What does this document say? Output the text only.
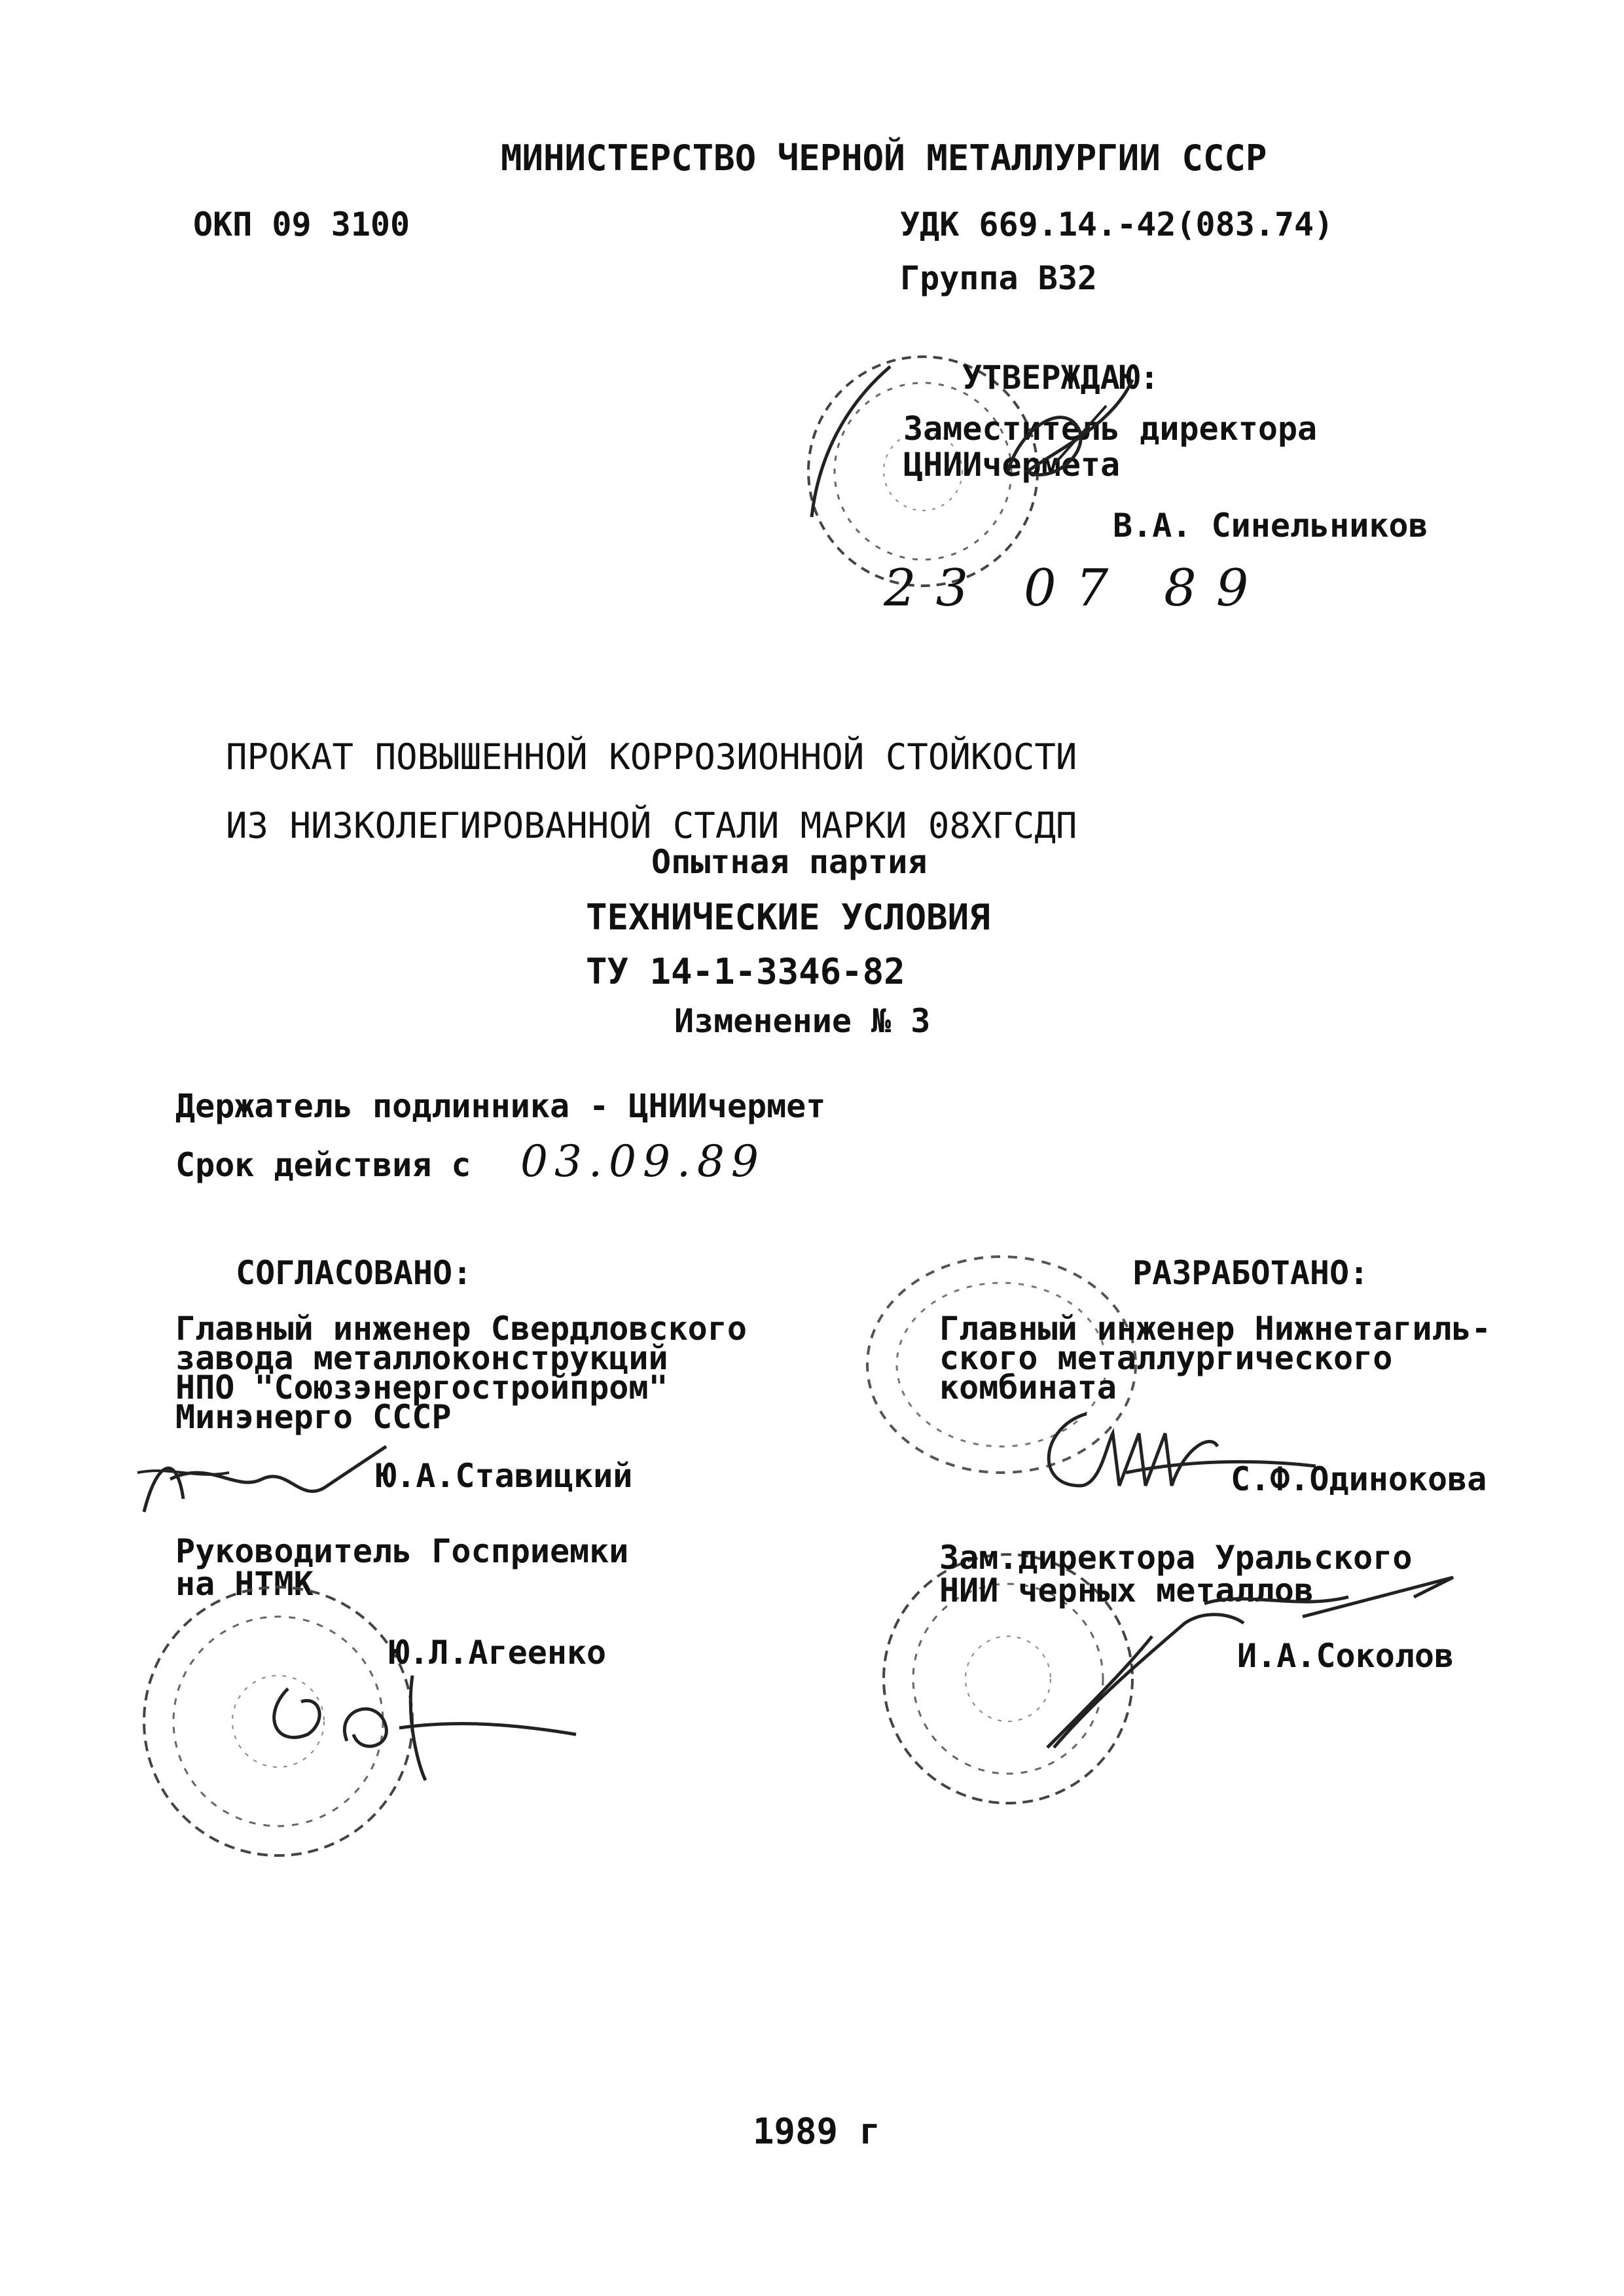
МИНИСТЕРСТВО ЧЕРНОЙ МЕТАЛЛУРГИИ СССР
ОКП 09 3100	УДК 669.14.-42(083.74)
Группа В32
УТВЕРЖДАЮ:
Заместитель директора
ЦНИИчермета
В.А. Синельников
23 07 89
ПРОКАТ ПОВЫШЕННОЙ КОРРОЗИОННОЙ СТОЙКОСТИ
ИЗ НИЗКОЛЕГИРОВАННОЙ СТАЛИ МАРКИ 08ХГСДП
Опытная партия
ТЕХНИЧЕСКИЕ УСЛОВИЯ
ТУ 14-1-3346-82
Изменение № 3
Держатель подлинника - ЦНИИчермет
Срок действия с 03.09.89
СОГЛАСОВАНО:
Главный инженер Свердловского
завода металлоконструкций
НПО "Союзэнергостройпром"
Минэнерго СССР
Ю.А.Ставицкий
Руководитель Госприемки
на НТМК
Ю.Л.Агеенко
РАЗРАБОТАНО:
Главный инженер Нижнетагиль-
ского металлургического
комбината
С.Ф.Одинокова
Зам.директора Уральского
НИИ черных металлов
И.А.Соколов
1989 г
